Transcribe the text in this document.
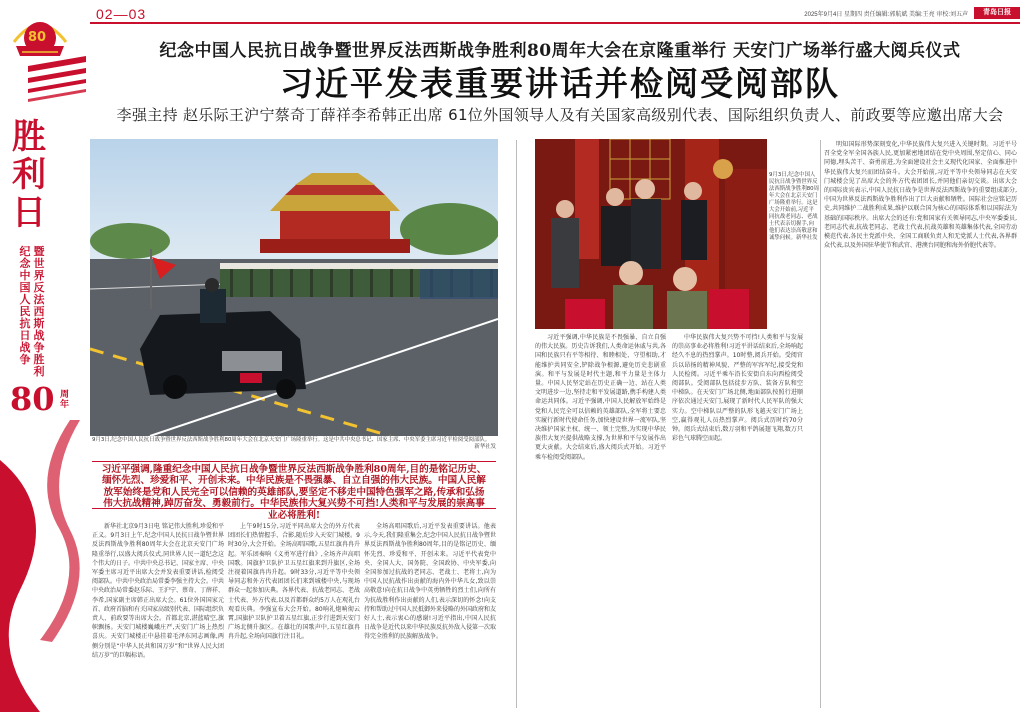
80
胜
利
日
暨世界反法西斯战争胜利
纪念中国人民抗日战争
80 周年
02—03	2025年9月4日 星期四 责任编辑:郭航斌 美编:王亮 审校:刘五声	青岛日报
纪念中国人民抗日战争暨世界反法西斯战争胜利80周年大会在京隆重举行 天安门广场举行盛大阅兵仪式
习近平发表重要讲话并检阅受阅部队
李强主持 赵乐际王沪宁蔡奇丁薛祥李希韩正出席 61位外国领导人及有关国家高级别代表、国际组织负责人、前政要等应邀出席大会
9月3日,纪念中国人民抗日战争暨世界反法西斯战争胜利80周年大会在北京天安门广场隆重举行。这是中共中央总书记、国家主席、中央军委主席习近平检阅受阅部队。
新华社发
9月3日,纪念中国人民抗日战争暨世界反法西斯战争胜利80周年大会在北京天安门广场隆重举行。这是大会开始前,习近平同抗战老同志、老战士代表亲切握手,向他们表达崇高敬意和诚挚问候。新华社发

习近平强调,隆重纪念中国人民抗日战争暨世界反法西斯战争胜利80周年,目的是铭记历史、缅怀先烈、珍爱和平、开创未来。中华民族是不畏强暴、自立自强的伟大民族。中国人民解放军始终是党和人民完全可以信赖的英雄部队,要坚定不移走中国特色强军之路,传承和弘扬伟大抗战精神,踔厉奋发、勇毅前行。中华民族伟大复兴势不可挡!人类和平与发展的崇高事业必将胜利!

新华社北京9月3日电 铭记伟大胜利,珍爱和平正义。9月3日上午,纪念中国人民抗日战争暨世界反法西斯战争胜利80周年大会在北京天安门广场隆重举行,以盛大阅兵仪式,同世界人民一道纪念这个伟大的日子。中共中央总书记、国家主席、中央军委主席习近平出席大会并发表重要讲话,检阅受阅部队。中共中央政治局常委李强主持大会。中共中央政治局常委赵乐际、王沪宁、蔡奇、丁薛祥、李希,国家副主席韩正出席大会。61位外国国家元首、政府首脑和有关国家高级别代表、国际组织负责人、前政要等出席大会。首都北京,湛蓝晴空,旗帜飘扬。天安门城楼巍峨庄严,天安门广场上热烈喜庆。天安门城楼正中悬挂着毛泽东同志画像,两侧分别是“中华人民共和国万岁”和“世界人民大团结万岁”的巨幅标语。

上午9时15分,习近平同出席大会的外方代表团团长们热情握手、合影,随后步入天安门城楼。9时30分,大会开始。全场高唱国歌,五星红旗冉冉升起。军乐团奏响《义勇军进行曲》,全场齐声高唱国歌。国旗护卫队护卫五星红旗来到升旗区,全场注视着国旗冉冉升起。9时33分,习近平等中央领导同志和外方代表团团长们来到城楼中央,与现场群众一起参加庆典。各界代表、抗战老同志、老战士代表、外方代表,以及首都群众约5万人在观礼台观看庆典。李强宣布大会开始。80响礼炮响彻云霄,国旗护卫队护卫着五星红旗,正步行进到天安门广场北侧升旗区。在雄壮的国歌声中,五星红旗冉冉升起,全场向国旗行注目礼。

全场高唱国歌后,习近平发表重要讲话。他表示,今天,我们隆重集会,纪念中国人民抗日战争暨世界反法西斯战争胜利80周年,目的是铭记历史、缅怀先烈、珍爱和平、开创未来。习近平代表党中央、全国人大、国务院、全国政协、中央军委,向全国参加过抗战的老同志、老战士、老将士,向为中国人民抗战作出贡献的海内外中华儿女,致以崇高敬意!向在抗日战争中英勇牺牲的烈士们,向所有为抗战胜利作出贡献的人们,表示深切的怀念!向支持和帮助过中国人民抵御外来侵略的外国政府和友好人士,表示衷心的感谢!习近平指出,中国人民抗日战争是近代以来中华民族反抗外敌入侵第一次取得完全胜利的民族解放战争。

习近平强调,中华民族是不畏强暴、自立自强的伟大民族。历史告诉我们,人类命运休戚与共,各国和民族只有平等相待、和睦相处、守望相助,才能维护共同安全,铲除战争根源,避免历史悲剧重演。和平与发展是时代主题,和平力量是主体力量。中国人民坚定站在历史正确一边、站在人类文明进步一边,坚持走和平发展道路,携手构建人类命运共同体。习近平强调,中国人民解放军始终是党和人民完全可以信赖的英雄部队,全军将士要忠实履行新时代使命任务,加快建设世界一流军队,坚决维护国家主权、统一、领土完整,为实现中华民族伟大复兴提供战略支撑,为世界和平与发展作出更大贡献。大会结束后,盛大阅兵式开始。习近平乘车检阅受阅部队。

中华民族伟大复兴势不可挡!人类和平与发展的崇高事业必将胜利!习近平讲话结束后,全场响起经久不息的热烈掌声。10时整,阅兵开始。受阅官兵以昂扬的精神风貌、严整的军容军纪,接受党和人民检阅。习近平乘车沿长安街自东向西检阅受阅部队。受阅部队包括徒步方队、装备方队和空中梯队。在天安门广场北侧,地面部队按照行进顺序依次通过天安门,展现了新时代人民军队的强大实力。空中梯队以严整的队形飞越天安门广场上空,赢得观礼人员热烈掌声。阅兵式历时约70分钟。阅兵式结束后,数万羽和平鸽展翅飞翔,数万只彩色气球腾空而起。

明知国际形势深刻变化,中华民族伟大复兴进入关键时期。习近平号召全党全军全国各族人民,更加紧密地团结在党中央周围,坚定信心、同心同德,埋头苦干、奋勇前进,为全面建设社会主义现代化国家、全面推进中华民族伟大复兴而团结奋斗。大会开始前,习近平等中央领导同志在天安门城楼会见了出席大会的外方代表团团长,并同他们亲切交谈。出席大会的国际贵宾表示,中国人民抗日战争是世界反法西斯战争的重要组成部分,中国为世界反法西斯战争胜利作出了巨大贡献和牺牲。国际社会应铭记历史,共同维护二战胜利成果,维护以联合国为核心的国际体系和以国际法为基础的国际秩序。出席大会的还有:党和国家有关领导同志,中央军委委员,老同志代表,抗战老同志、老战士代表,抗战英雄和英雄集体代表,全国劳动模范代表,各民主党派中央、全国工商联负责人和无党派人士代表,各界群众代表,以及外国驻华使节和武官、港澳台同胞和海外侨胞代表等。
